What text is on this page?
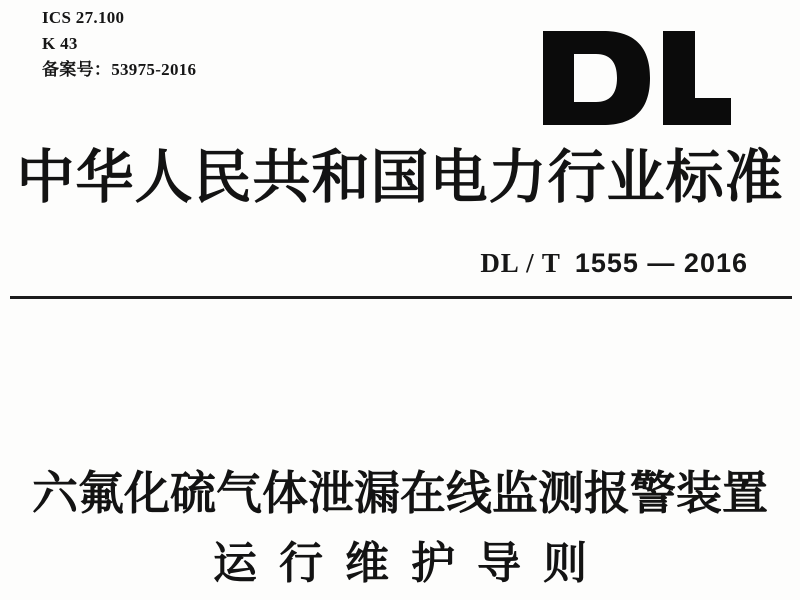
ICS 27.100
K 43
备案号：53975-2016
中华人民共和国电力行业标准
DL / T 1555 — 2016
六氟化硫气体泄漏在线监测报警装置
运行维护导则
